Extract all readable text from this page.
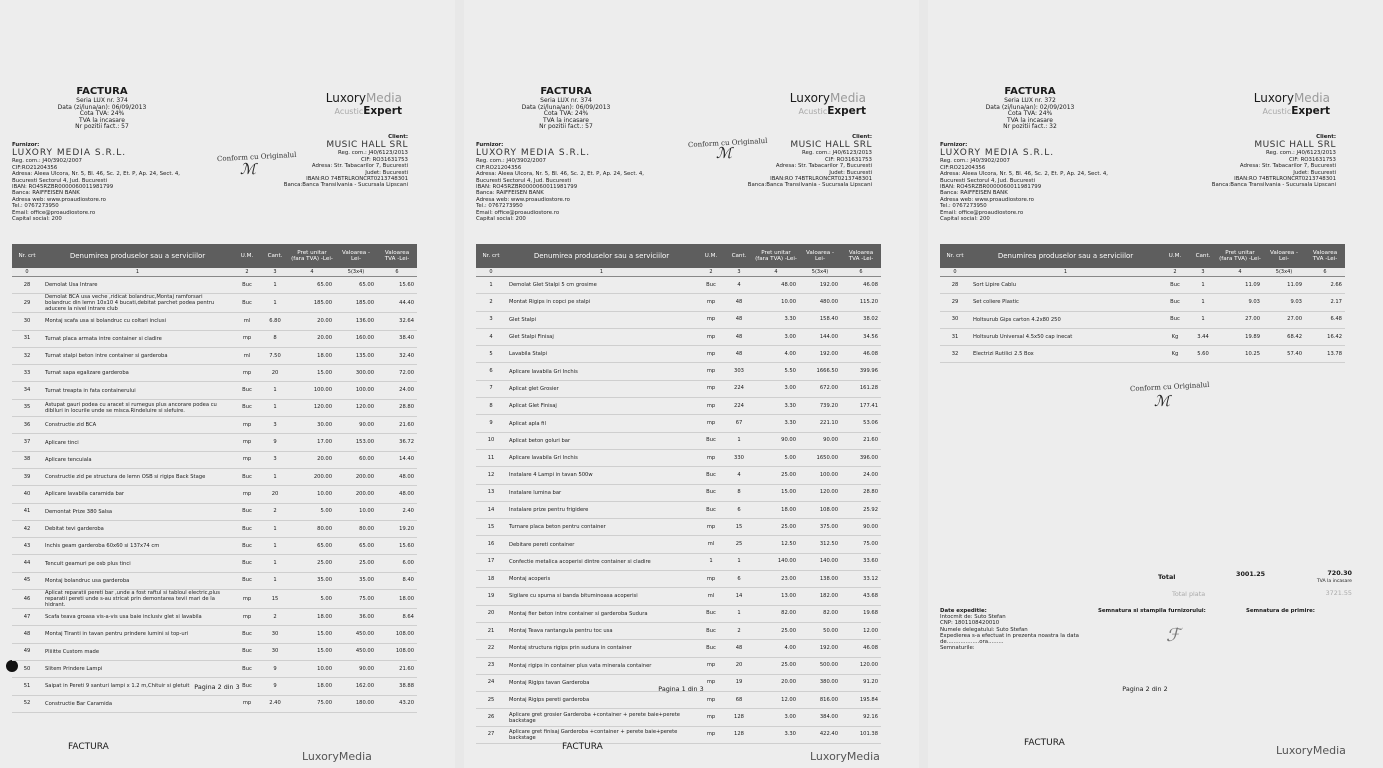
FACTURA
Seria LUX nr. 374
Data (zi/luna/an): 06/09/2013
Cota TVA: 24%
TVA la incasare
Nr pozitii fact.: 57
LuxoryMedia
AcusticExpert
Furnizor:
LUXORY MEDIA S.R.L.
Reg. com.: J40/3902/2007
CIF:RO21204356
Adresa: Aleea Ulcora, Nr. 5, Bl. 46, Sc. 2, Et. P, Ap. 24, Sect. 4,
Bucuresti Sectorul 4, Jud. Bucuresti
IBAN: RO45RZBR0000060011981799
Banca: RAIFFEISEN BANK
Adresa web: www.proaudiostore.ro
Tel.: 0767273950
Email: office@proaudiostore.ro
Capital social: 200
Conform cu Originalul
ℳ
Client:
MUSIC HALL SRL
Reg. com.: J40/6123/2013
CIF: RO31631753
Adresa: Str. Tabacarilor 7, Bucuresti
Judet: Bucuresti
IBAN:RO 74BTRLRONCRT0213748301
Banca:Banca Transilvania - Sucursala Lipscani
Nr. crt	Denumirea produselor sau a serviciilor	U.M.	Cant.	Pret unitar (fara TVA) -Lei-	Valoarea -Lei-	Valoarea TVA -Lei-
0	1	2	3	4	5(3x4)	6
28	Demolat Usa Intrare	Buc	1	65.00	65.00	15.60
29	Demolat BCA usa veche ,ridicat bolandruc,Montaj ramforsari bolandruc din lemn 10x10 4 bucati,debitat parchet podea pentru aducere la nivel intrare club	Buc	1	185.00	185.00	44.40
30	Montaj scafa usa si bolandruc cu coltari inclusi	ml	6.80	20.00	136.00	32.64
31	Turnat placa armata intre container si cladire	mp	8	20.00	160.00	38.40
32	Turnat stalpi beton intre container si garderoba	ml	7.50	18.00	135.00	32.40
33	Turnat sapa egalizare garderoba	mp	20	15.00	300.00	72.00
34	Turnat treapta in fata containerului	Buc	1	100.00	100.00	24.00
35	Astupat gauri podea cu aracet si rumegus plus ancorare podea cu diblluri in locurile unde se misca.Rindeluire si slefuire.	Buc	1	120.00	120.00	28.80
36	Constructie zid BCA	mp	3	30.00	90.00	21.60
37	Aplicare tinci	mp	9	17.00	153.00	36.72
38	Aplicare tencuiala	mp	3	20.00	60.00	14.40
39	Constructie zid pe structura de lemn OSB si rigips Back Stage	Buc	1	200.00	200.00	48.00
40	Aplicare lavabila caramida bar	mp	20	10.00	200.00	48.00
41	Demontat Prize 380 Salsa	Buc	2	5.00	10.00	2.40
42	Debitat tevi garderoba	Buc	1	80.00	80.00	19.20
43	Inchis geam garderoba 60x60 si 137x74 cm	Buc	1	65.00	65.00	15.60
44	Tencuit geamuri pe osb plus tinci	Buc	1	25.00	25.00	6.00
45	Montaj bolandruc usa garderoba	Buc	1	35.00	35.00	8.40
46	Aplicat reparatii pereti bar ,unde a fost raftul si tabloul electric,plus reparatii pereti unde s-au stricat prin demontarea tevii mari de la hidrant.	mp	15	5.00	75.00	18.00
47	Scafa teava groasa vis-a-vis usa baie inclusiv glet si lavabila	mp	2	18.00	36.00	8.64
48	Montaj Tiranti in tavan pentru prindere lumini si top-uri	Buc	30	15.00	450.00	108.00
49	Pliiitte Custom made	Buc	30	15.00	450.00	108.00
50	Slitem Prindere Lampi	Buc	9	10.00	90.00	21.60
51	Saipat in Pereti 9 santuri lampi x 1.2 m,Chituir si gletuit	Buc	9	18.00	162.00	38.88
52	Constructie Bar Caramida	mp	2.40	75.00	180.00	43.20
Pagina 2 din 3
FACTURA
LuxoryMedia
FACTURA
Seria LUX nr. 374
Data (zi/luna/an): 06/09/2013
Cota TVA: 24%
TVA la incasare
Nr pozitii fact.: 57
LuxoryMedia
AcusticExpert
Furnizor:
LUXORY MEDIA S.R.L.
Reg. com.: J40/3902/2007
CIF:RO21204356
Adresa: Aleea Ulcora, Nr. 5, Bl. 46, Sc. 2, Et. P, Ap. 24, Sect. 4,
Bucuresti Sectorul 4, Jud. Bucuresti
IBAN: RO45RZBR0000060011981799
Banca: RAIFFEISEN BANK
Adresa web: www.proaudiostore.ro
Tel.: 0767273950
Email: office@proaudiostore.ro
Capital social: 200
Conform cu Originalul
ℳ
Client:
MUSIC HALL SRL
Reg. com.: J40/6123/2013
CIF: RO31631753
Adresa: Str. Tabacarilor 7, Bucuresti
Judet: Bucuresti
IBAN:RO 74BTRLRONCRT0213748301
Banca:Banca Transilvania - Sucursala Lipscani
Nr. crt	Denumirea produselor sau a serviciilor	U.M.	Cant.	Pret unitar (fara TVA) -Lei-	Valoarea -Lei-	Valoarea TVA -Lei-
0	1	2	3	4	5(3x4)	6
1	Demolat Glet Stalpi 5 cm grosime	Buc	4	48.00	192.00	46.08
2	Montat Rigips in copci pe stalpi	mp	48	10.00	480.00	115.20
3	Glet Stalpi	mp	48	3.30	158.40	38.02
4	Glet Stalpi Finisaj	mp	48	3.00	144.00	34.56
5	Lavabila Stalpi	mp	48	4.00	192.00	46.08
6	Aplicare lavabila Gri Inchis	mp	303	5.50	1666.50	399.96
7	Aplicat glet Grosier	mp	224	3.00	672.00	161.28
8	Aplicat Glet Finisaj	mp	224	3.30	739.20	177.41
9	Aplicat apla fil	mp	67	3.30	221.10	53.06
10	Aplicat beton goluri bar	Buc	1	90.00	90.00	21.60
11	Aplicare lavabila Gri Inchis	mp	330	5.00	1650.00	396.00
12	Instalare 4 Lampi in tavan 500w	Buc	4	25.00	100.00	24.00
13	Instalare lumina bar	Buc	8	15.00	120.00	28.80
14	Instalare prize pentru frigidere	Buc	6	18.00	108.00	25.92
15	Turnare placa beton pentru container	mp	15	25.00	375.00	90.00
16	Debitare pereti container	ml	25	12.50	312.50	75.00
17	Confectie metalica acoperisi dintre container si cladire	1	1	140.00	140.00	33.60
18	Montaj acoperis	mp	6	23.00	138.00	33.12
19	Sigilare cu spuma si banda bituminoasa acoperisi	ml	14	13.00	182.00	43.68
20	Montaj fier beton intre container si garderoba Sudura	Buc	1	82.00	82.00	19.68
21	Montaj Teava rantangula pentru toc usa	Buc	2	25.00	50.00	12.00
22	Montaj structura rigips prin sudura in container	Buc	48	4.00	192.00	46.08
23	Montaj rigips in container plus vata minerala container	mp	20	25.00	500.00	120.00
24	Montaj Rigips tavan Garderoba	mp	19	20.00	380.00	91.20
25	Montaj Rigips pereti garderoba	mp	68	12.00	816.00	195.84
26	Aplicare gret grosier Garderoba +container + perete baie+perete backstage	mp	128	3.00	384.00	92.16
27	Aplicare gret finisaj Garderoba +container + perete baie+perete backstage	mp	128	3.30	422.40	101.38
Pagina 1 din 3
FACTURA
LuxoryMedia
FACTURA
Seria LUX nr. 372
Data (zi/luna/an): 02/09/2013
Cota TVA: 24%
TVA la incasare
Nr pozitii fact.: 32
LuxoryMedia
AcusticExpert
Furnizor:
LUXORY MEDIA S.R.L.
Reg. com.: J40/3902/2007
CIF:RO21204356
Adresa: Aleea Ulcora, Nr. 5, Bl. 46, Sc. 2, Et. P, Ap. 24, Sect. 4,
Bucuresti Sectorul 4, Jud. Bucuresti
IBAN: RO45RZBR0000060011981799
Banca: RAIFFEISEN BANK
Adresa web: www.proaudiostore.ro
Tel.: 0767273950
Email: office@proaudiostore.ro
Capital social: 200
Client:
MUSIC HALL SRL
Reg. com.: J40/6123/2013
CIF: RO31631753
Adresa: Str. Tabacarilor 7, Bucuresti
Judet: Bucuresti
IBAN:RO 74BTRLRONCRT0213748301
Banca:Banca Transilvania - Sucursala Lipscani
Nr. crt	Denumirea produselor sau a serviciilor	U.M.	Cant.	Pret unitar (fara TVA) -Lei-	Valoarea -Lei-	Valoarea TVA -Lei-
0	1	2	3	4	5(3x4)	6
28	Sort Lipire Cablu	Buc	1	11.09	11.09	2.66
29	Set coliere Plastic	Buc	1	9.03	9.03	2.17
30	Holtsurub Gips carton 4.2x80 250	Buc	1	27.00	27.00	6.48
31	Holtsurub Universal 4.5x50 cap inecat	Kg	3.44	19.89	68.42	16.42
32	Electrizi Rutilici 2.5 Box	Kg	5.60	10.25	57.40	13.78
Conform cu Originalul
ℳ
Total	3001.25	720.30
TVA la incasare
Total plata	3721.55
Date expeditie:
Intocmit de: Suto Stefan
CNP: 1801108420010
Numele delegatului: Suto Stefan
Expedierea s-a efectuat in prezenta noastra la data de...................ora.........
Semnaturile:
Semnatura si stampila furnizorului:	Semnatura de primire:
ℱ
Pagina 2 din 2
FACTURA
LuxoryMedia
